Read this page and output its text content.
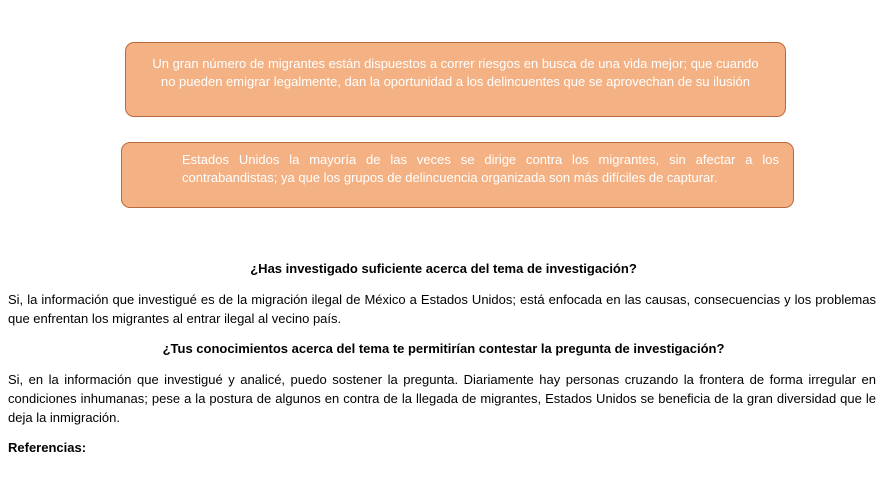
Un gran número de migrantes están dispuestos a correr riesgos en busca de una vida mejor; que cuando no pueden emigrar legalmente, dan la oportunidad a los delincuentes que se aprovechan de su ilusión
Estados Unidos la mayoría de las veces se dirige contra los migrantes, sin afectar a los contrabandistas; ya que los grupos de delincuencia organizada son más difíciles de capturar.
¿Has investigado suficiente acerca del tema de investigación?
Si, la información que investigué es de la migración ilegal de México a Estados Unidos; está enfocada en las causas, consecuencias y los problemas que enfrentan los migrantes al entrar ilegal al vecino país.
¿Tus conocimientos acerca del tema te permitirían contestar la pregunta de investigación?
Si, en la información que investigué y analicé, puedo sostener la pregunta. Diariamente hay personas cruzando la frontera de forma irregular en condiciones inhumanas; pese a la postura de algunos en contra de la llegada de migrantes, Estados Unidos se beneficia de la gran diversidad que le deja la inmigración.
Referencias:
